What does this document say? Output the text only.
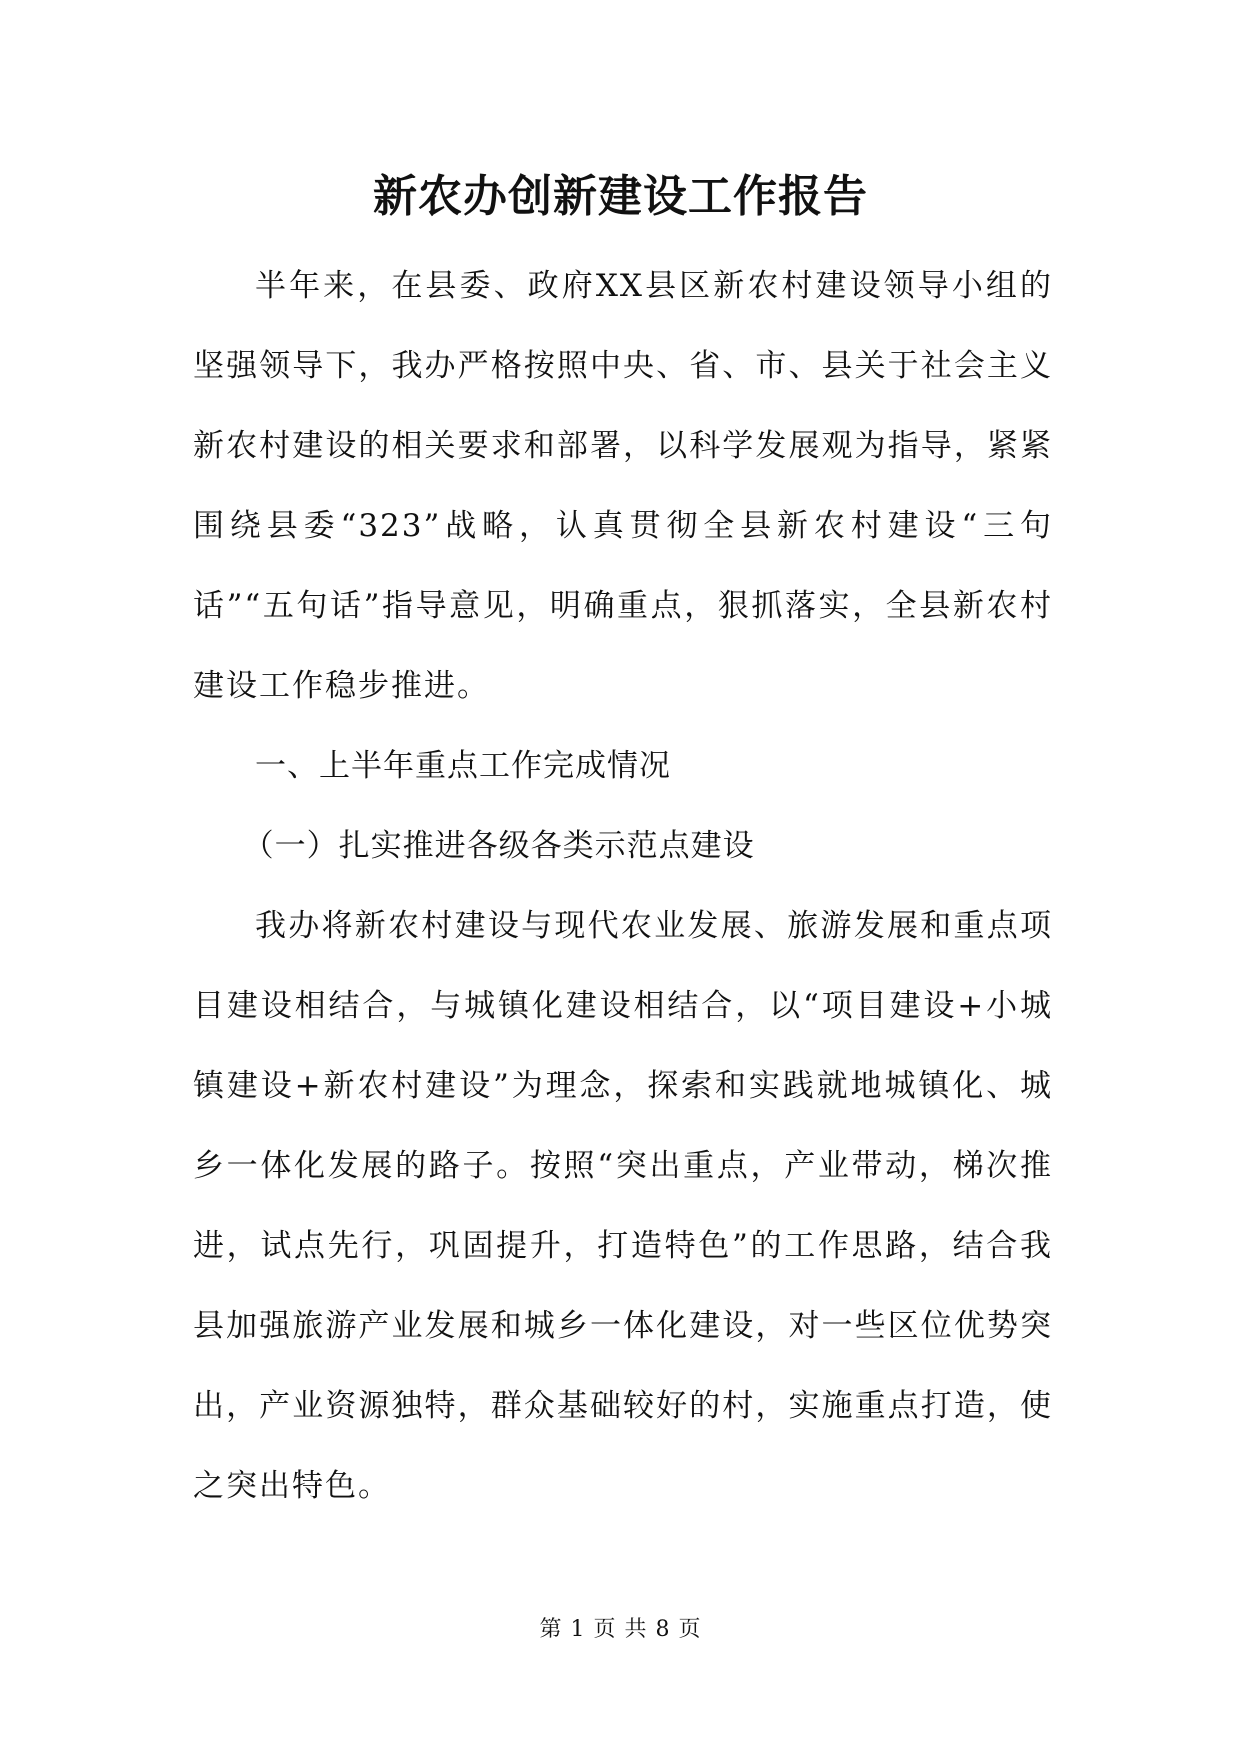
新农办创新建设工作报告

半年来，在县委、政府XX县区新农村建设领导小组的坚强领导下，我办严格按照中央、省、市、县关于社会主义新农村建设的相关要求和部署，以科学发展观为指导，紧紧围绕县委“323”战略，认真贯彻全县新农村建设“三句话”“五句话”指导意见，明确重点，狠抓落实，全县新农村建设工作稳步推进。

一、上半年重点工作完成情况

（一）扎实推进各级各类示范点建设

我办将新农村建设与现代农业发展、旅游发展和重点项目建设相结合，与城镇化建设相结合，以“项目建设+小城镇建设+新农村建设”为理念，探索和实践就地城镇化、城乡一体化发展的路子。按照“突出重点，产业带动，梯次推进，试点先行，巩固提升，打造特色”的工作思路，结合我县加强旅游产业发展和城乡一体化建设，对一些区位优势突出，产业资源独特，群众基础较好的村，实施重点打造，使之突出特色。

第 1 页 共 8 页
